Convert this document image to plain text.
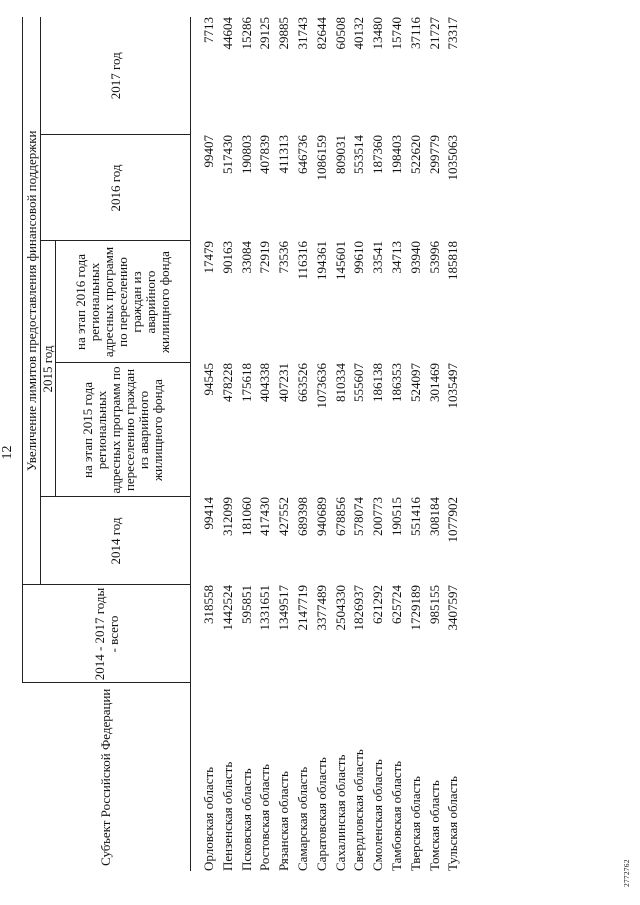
12
Субъект Российской Федерации	2014 - 2017 годы - всего	Увеличение лимитов предоставления финансовой поддержки				
		2014 год	2015 год		2016 год	2017 год
			на этап 2015 года региональных адресных программ по переселению граждан из аварийного жилищного фонда	на этап 2016 года региональных адресных программ по переселению граждан из аварийного жилищного фонда		

Орловская область	318558	99414	94545	17479	99407	7713
Пензенская область	1442524	312099	478228	90163	517430	44604
Псковская область	595851	181060	175618	33084	190803	15286
Ростовская область	1331651	417430	404338	72919	407839	29125
Рязанская область	1349517	427552	407231	73536	411313	29885
Самарская область	2147719	689398	663526	116316	646736	31743
Саратовская область	3377489	940689	1073636	194361	1086159	82644
Сахалинская область	2504330	678856	810334	145601	809031	60508
Свердловская область	1826937	578074	555607	99610	553514	40132
Смоленская область	621292	200773	186138	33541	187360	13480
Тамбовская область	625724	190515	186353	34713	198403	15740
Тверская область	1729189	551416	524097	93940	522620	37116
Томская область	985155	308184	301469	53996	299779	21727
Тульская область	3407597	1077902	1035497	185818	1035063	73317
2772762
